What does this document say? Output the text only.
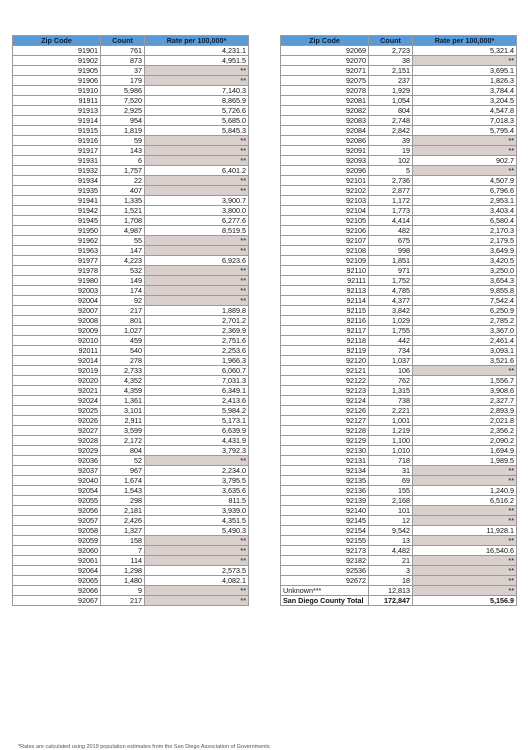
Zip Code	Count	Rate per 100,000*
91901	761	4,231.1
91902	873	4,951.5
91905	37	**
91906	179	**
91910	5,986	7,140.3
91911	7,520	8,865.9
91913	2,925	5,726.6
91914	954	5,685.0
91915	1,819	5,845.3
91916	59	**
91917	143	**
91931	6	**
91932	1,757	6,401.2
91934	22	**
91935	407	**
91941	1,335	3,900.7
91942	1,521	3,800.0
91945	1,708	6,277.6
91950	4,987	8,519.5
91962	55	**
91963	147	**
91977	4,223	6,923.6
91978	532	**
91980	149	**
92003	174	**
92004	92	**
92007	217	1,889.8
92008	801	2,701.2
92009	1,027	2,369.9
92010	459	2,751.6
92011	540	2,253.6
92014	278	1,966.3
92019	2,733	6,060.7
92020	4,352	7,031.3
92021	4,359	6,349.1
92024	1,361	2,413.6
92025	3,101	5,984.2
92026	2,911	5,173.1
92027	3,599	6,639.9
92028	2,172	4,431.9
92029	804	3,792.3
92036	52	**
92037	967	2,234.0
92040	1,674	3,795.5
92054	1,543	3,635.6
92055	298	811.5
92056	2,181	3,939.0
92057	2,426	4,351.5
92058	1,327	5,490.3
92059	158	**
92060	7	**
92061	114	**
92064	1,298	2,573.5
92065	1,480	4,082.1
92066	9	**
92067	217	**
Zip Code	Count	Rate per 100,000*
92069	2,723	5,321.4
92070	38	**
92071	2,151	3,695.1
92075	237	1,826.3
92078	1,929	3,784.4
92081	1,054	3,204.5
92082	804	4,547.8
92083	2,748	7,018.3
92084	2,842	5,795.4
92086	39	**
92091	19	**
92093	102	902.7
92096	5	**
92101	2,736	4,507.9
92102	2,877	6,796.6
92103	1,172	2,953.1
92104	1,773	3,403.4
92105	4,414	6,580.4
92106	482	2,170.3
92107	675	2,179.5
92108	998	3,649.9
92109	1,851	3,420.5
92110	971	3,250.0
92111	1,752	3,654.3
92113	4,785	9,855.8
92114	4,377	7,542.4
92115	3,842	6,250.9
92116	1,029	2,785.2
92117	1,755	3,367.0
92118	442	2,461.4
92119	734	3,093.1
92120	1,037	3,521.6
92121	106	**
92122	762	1,556.7
92123	1,315	3,908.6
92124	738	2,327.7
92126	2,221	2,893.9
92127	1,001	2,021.8
92128	1,219	2,356.2
92129	1,100	2,090.2
92130	1,010	1,694.9
92131	718	1,989.5
92134	31	**
92135	69	**
92136	155	1,240.9
92139	2,168	6,516.2
92140	101	**
92145	12	**
92154	9,542	11,928.1
92155	13	**
92173	4,482	16,540.6
92182	21	**
92536	3	**
92672	18	**
Unknown***	12,813	**
San Diego County Total	172,847	5,156.9
*Rates are calculated using 2019 population estimates from the San Diego Association of Governments.
